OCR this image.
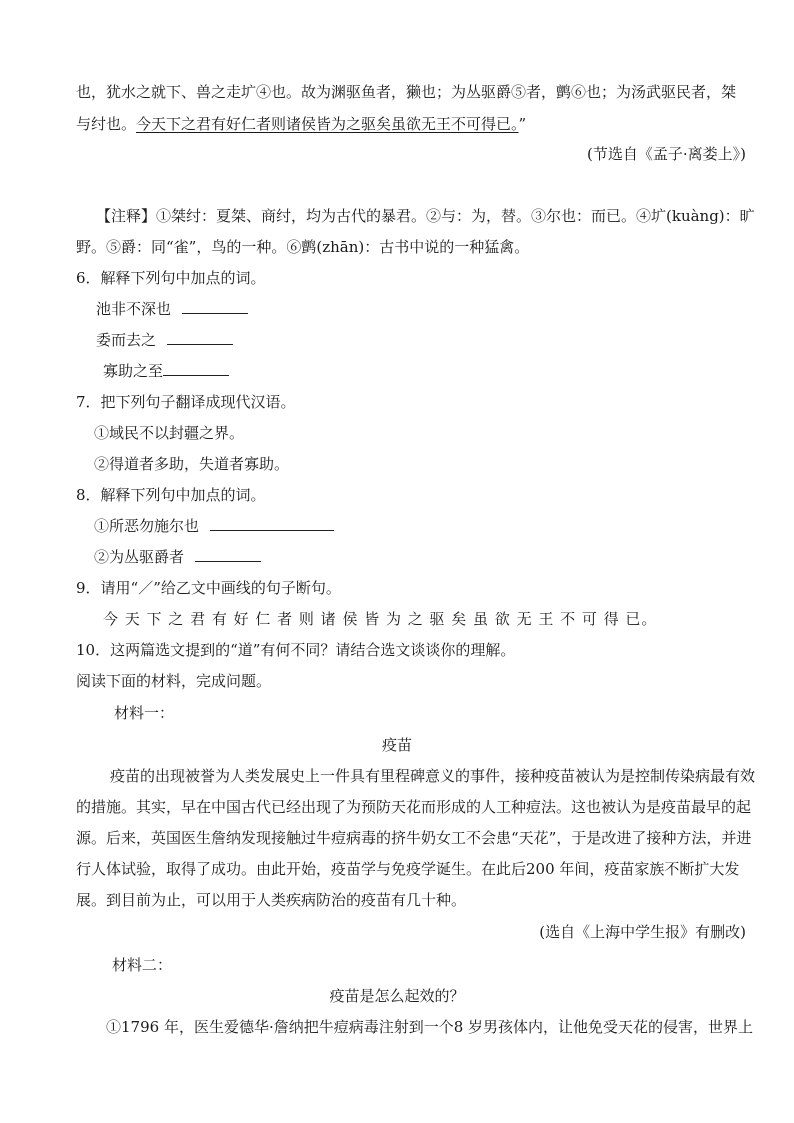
也，犹水之就下、兽之走圹④也。故为渊驱鱼者，獭也；为丛驱爵⑤者，鹯⑥也；为汤武驱民者，桀
与纣也。今天下之君有好仁者则诸侯皆为之驱矣虽欲无王不可得已。”
(节选自《孟子·离娄上》)
【注释】①桀纣：夏桀、商纣，均为古代的暴君。②与：为，替。③尔也：而已。④圹(kuàng)：旷
野。⑤爵：同“雀”，鸟的一种。⑥鹯(zhān)：古书中说的一种猛禽。
6．解释下列句中加点的词。
池非不深也
委而去之
寡助之至
7．把下列句子翻译成现代汉语。
①域民不以封疆之界。
②得道者多助，失道者寡助。
8．解释下列句中加点的词。
①所恶勿施尔也
②为丛驱爵者
9．请用“／”给乙文中画线的句子断句。
今 天 下 之 君 有 好 仁 者 则 诸 侯 皆 为 之 驱 矣 虽 欲 无 王 不 可 得 已。
10．这两篇选文提到的“道”有何不同？请结合选文谈谈你的理解。
阅读下面的材料，完成问题。
材料一：
疫苗
疫苗的出现被誉为人类发展史上一件具有里程碑意义的事件，接种疫苗被认为是控制传染病最有效
的措施。其实，早在中国古代已经出现了为预防天花而形成的人工种痘法。这也被认为是疫苗最早的起
源。后来，英国医生詹纳发现接触过牛痘病毒的挤牛奶女工不会患“天花”，于是改进了接种方法，并进
行人体试验，取得了成功。由此开始，疫苗学与免疫学诞生。在此后200 年间，疫苗家族不断扩大发
展。到目前为止，可以用于人类疾病防治的疫苗有几十种。
(选自《上海中学生报》有删改)
材料二：
疫苗是怎么起效的？
①1796 年，医生爱德华·詹纳把牛痘病毒注射到一个8 岁男孩体内，让他免受天花的侵害，世界上
